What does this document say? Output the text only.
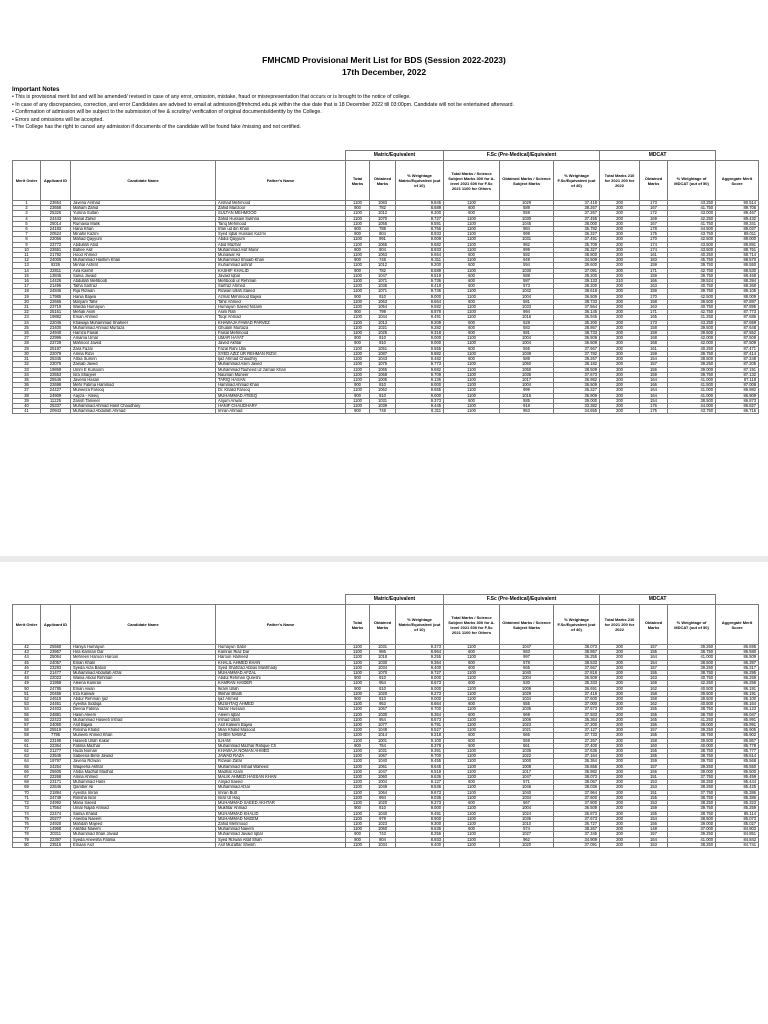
FMHCMD Provisional Merit List for BDS (Session 2022-2023)
17th December, 2022
Important Notes
• This is provisional merit list and will be amended/ revised in case of any error, omission, mistake, fraud or misrepresentation that occurs or is brought to the notice of college.
• In case of any discrepancies, correction, and error Candidates are advised to email at admission@fmhcmd.edu.pk within the due date that is 18 December 2022 till 03:00pm. Candidate will not be entertained afterward.
• Confirmation of admission will be subject to the submission of fee & scrutiny/ verification of original documents/identity by the College.
• Errors and omissions will be accepted.
• The College has the right to cancel any admission if documents of the candidate will be found fake /missing and not certified.
				Matric/Equivalent			F.Sc (Pre-Medical)/Equivalent			MDCAT			
Merit Order	Applicant ID	Candidate Name	Father's Name	Total Marks	Obtained Marks	% Weightage Matric/Equivalent (out of 10)	Total Marks / Science Subject Marks 300 for A-level 2021 600 for F.Sc 2021 1100 for Others	Obtained Marks / Science Subject Marks	% Weightage F.Sc/Equivalent (out of 40)	Total Marks 210 for 2021 200 for 2022	Obtained Marks	% Weightage of MDCAT (out of 50)	Aggregate Merit Score
1	23654	Javeria Arshad	Arshad Mehmood	1100	1083	9.845	1100	1029	37.418	200	173	43.250	90.514
2	23658	Maham Zahid	Zahid Manzoor	900	782	8.689	600	589	39.267	200	167	41.750	89.706
3	25326	Yumna Sultan	SULTAN MEHMOOD	1100	1012	9.200	600	559	37.267	200	172	43.000	89.467
4	24443	Manal Zahid	Zahid Hussain Sukhria	1100	1070	9.727	1100	1030	37.455	200	169	42.250	89.432
5	25014	Rumaisa Malik	Tariq Mehmood	1100	1055	9.591	1100	1045	38.000	200	167	41.750	89.341
6	24183	Hana Khan	Irfan ud din Khan	900	788	8.756	1100	984	35.782	200	178	44.500	89.037
7	20524	Minahil Kazmi	Syed Iqbal Hussain Kazmi	900	804	8.933	1100	999	36.327	200	175	43.750	89.011
8	22066	Mahad Qayyum	Abdul Qayyum	1100	991	9.009	1100	1031	37.491	200	170	42.500	89.000
9	23772	Abdullah Abid	Abid Mazhar	1100	1065	9.682	1100	982	35.709	200	174	43.500	88.891
10	22651	Bahee Asif	Muhammad Asif Munir	900	804	8.933	1100	999	36.327	200	174	43.500	88.761
11	21782	Hood Ahmed	Munawar Ali	1100	1063	9.664	600	582	38.800	200	161	40.250	88.714
12	24006	Muhammad Hashim Khan	Muhammad Shoaib Khan	900	748	8.311	1100	949	34.509	200	183	45.750	88.570
13	9226	Minhal Ashraf	muhammad ashraf	1100	1012	9.200	600	594	39.600	200	159	39.750	88.550
14	22811	Aira Kashif	KASHIF KHALID	900	782	8.689	1100	1030	37.091	200	171	42.750	88.530
15	13845	Sania Javaid	Javaid Iqbal	1100	1047	9.518	600	588	39.200	200	159	39.750	88.468
16	14426	Abdullah Mehboob	Mehboob ur Rehman	1100	1071	9.736	600	587	39.133	210	166	39.524	88.394
17	21495	Talha Sarfraz	Sarfraz Ahmed	1100	1036	9.418	600	573	38.200	200	163	40.750	88.368
18	24846	Rija Rizwan	Rizwan Ullah Saeed	1100	1071	9.736	1100	1042	38.618	200	159	39.750	88.105
19	17985	Hania Bajwa	Azmat Mehmood Bajwa	900	810	9.000	1100	1004	36.509	200	170	42.500	88.009
20	22665	Maryam Tahir	Tahir Ahmed	1100	1063	9.664	600	581	38.733	200	158	39.500	87.897
21	23719	Wardia Humayun	Humayun Saeed Nizami	1100	1054	9.582	1100	1033	37.564	200	163	40.750	87.895
22	25161	Mehak Asim	Asim Rafi	900	799	8.878	1100	994	36.145	200	171	42.750	87.773
23	19882	Eman Ahmed	Toqir Ahmad	1100	1044	9.491	1100	1016	36.945	200	165	41.250	87.686
24	22046	Khawaja Muhammad Shaheer	KHAWAJA FAWAD PARVEZ	1100	1013	9.209	600	528	35.200	200	173	43.250	87.659
25	23400	Muhammad Ahmad Murtaza	Ghulam Murtaza	1100	1021	9.282	600	583	38.867	200	158	39.500	87.648
26	24940	Hamza Faisal	Faisal Mehmood	1100	1025	9.318	600	581	38.733	200	158	39.500	87.552
27	22996	Amama Umar	UMAR HAYAT	900	810	9.000	1100	1004	36.509	200	168	42.000	87.509
28	23729	Mahnoor Javed	Javed Akhtar	900	810	9.000	1100	1004	36.509	200	168	42.000	87.509
29	25197	Zara Fazal	Fazal Rahi Ulla	1100	1051	9.555	600	565	37.667	200	161	40.250	87.471
30	22079	Amna Rizvi	SYED AZIZ UR REHMAN RIZVI	1100	1087	9.882	1100	1039	37.782	200	159	39.750	87.414
31	25345	Arbia Sumrin	Ijaz Ahmad Chaudhry	1100	1043	9.482	600	589	39.267	200	154	38.500	87.248
32	23076	Zainab Javed	Muhammad Asim Javed	1100	1075	9.773	1100	1050	38.182	200	157	39.250	87.205
33	19868	Umm E Kulsoom	Muhammad Tauheed uz zaman Khan	1100	1065	9.682	1100	1050	38.509	200	156	39.000	87.191
34	22553	Isra Sharjeel	Nauman Muneer	1100	1068	9.709	1100	1036	37.673	200	159	39.750	87.132
35	25546	Javeria Hasan	TARIQ HASAN	1100	1005	9.136	1100	1017	36.982	200	164	41.000	87.118
36	22698	Mehr Fatima Hammad	Hammad Ahmad Khan	900	810	9.000	1100	1004	36.509	200	166	41.500	87.009
37	24427	Muneeza Farooq	Dr. Khalid Farooq	1100	1062	9.655	1100	999	36.327	200	164	41.000	86.982
38	24909	Aayza - Ateeq	MUHAMMAD ATEEQ	900	810	9.000	1100	1015	36.909	200	164	41.000	86.909
39	11225	Zarish Tanveer	Anjum Anwar	1100	1031	9.373	600	585	39.000	200	154	38.500	86.873
40	25337	Muhammad Ahmad Hanif Chaudhary	HANIF CHAUDHARY	1100	1039	9.445	1100	918	33.382	200	176	44.000	86.827
41	20943	Muhammad Abdullah Ahmad	Imran Ahmad	900	748	8.311	1100	953	34.655	200	175	43.750	86.716
				Matric/Equivalent			F.Sc (Pre-Medical)/Equivalent			MDCAT			
Merit Order	Applicant ID	Candidate Name	Father's Name	Total Marks	Obtained Marks	% Weightage Matric/Equivalent (out of 10)	Total Marks / Science Subject Marks 300 for A-level 2021 600 for F.Sc 2021 1100 for Others	Obtained Marks / Science Subject Marks	% Weightage F.Sc/Equivalent (out of 40)	Total Marks 210 for 2021 200 for 2022	Obtained Marks	% Weightage of MDCAT (out of 50)	Aggregate Merit Score
42	25560	Haniya Humayun	Humayun Sabir	1100	1031	9.373	1100	1047	38.073	200	157	39.250	86.695
43	23957	Hira Kamran Dar	Kamran Riaz Dar	1100	986	8.964	600	583	38.867	200	155	38.750	86.580
44	25064	Mehreen Haroon Haroon	Haroon Hameed	1100	1018	9.255	1100	997	36.255	200	164	41.000	86.509
45	24057	Eman Khalil	KHALIL AHMED KHAN	1100	1030	9.364	600	578	38.533	200	154	38.500	86.397
46	23283	Syeda Aiza Batool	Syed Shahzad Abbas Mashhady	1100	1034	9.400	600	565	37.667	200	157	39.250	86.317
47	21477	Muhammad Abdullah Afzal	MUHAMMAD AFZAL	1100	1070	9.727	1100	1040	37.818	200	155	38.750	86.295
48	22023	Wania Abdul Rehman	Abdul Rehman Qureshi	900	810	9.000	1100	1004	36.509	200	163	40.750	86.259
49	21959	Aleena Kamran	KAMRAN HAIDER	1100	954	8.673	600	530	35.333	200	169	42.250	86.256
50	24785	Eman Awan	Ikram Ullah	900	810	9.000	1100	1009	36.691	200	162	40.500	86.191
51	20456	Irza Kanwal	Iftikhar Bhatti	1100	1020	9.273	1100	1029	37.418	200	158	39.500	86.191
52	24619	Abdur Rehman Ijaz	Ijaz Ahmed	900	810	9.000	1100	1034	37.600	200	158	39.500	86.100
53	24461	Ayesha Siddiqa	MUSHTAQ AHMED	1100	953	8.664	600	555	37.000	200	162	40.500	86.164
54	24403	Deena Fatima	Nazar Hussain	1100	1067	9.700	1100	1036	37.673	200	155	38.750	86.123
55	24881	Hasin Aleem	Aleem Iqbal	1100	1030	9.364	600	569	37.933	200	155	38.750	86.047
56	22423	Muhammad Haseeb Irshad	Irshad Ullah	1100	954	8.673	1100	1006	36.364	200	165	41.250	85.991
57	24050	Asif Bajwa	Asif Kaleem Bajwa	1100	1077	9.791	1100	1023	37.200	200	156	39.000	85.991
58	25519	Rimsha Khalid	Mian Khalid Masood	1100	1048	9.527	1100	1021	37.127	200	157	39.250	85.905
59	7795	Muneeb Ahmed Khan	SHIEH NAWAZ	1100	1014	9.218	600	566	37.733	200	155	38.750	85.902
60	23198	Haseeb Ullah Kakar	ILHAM	1100	1001	9.100	600	559	37.267	200	158	39.500	85.867
61	22364	Fatima Mazhar	Muhammad Mazhar Rafique Ch	900	754	8.378	600	561	37.400	200	160	40.000	85.778
62	21277	Huda Noman	KHAWAJA NOMAN AHMED	1100	1031	9.391	1100	1035	37.636	200	155	38.750	85.777
63	23545	Sabeena Binte Jawad	JAWAD RAZA	1100	1067	9.700	1100	1022	37.164	200	155	38.750	85.614
64	19797	Javeria Rizwan	Rizwan Zafar	1100	1040	9.455	1100	1000	36.364	200	159	39.750	85.568
65	24254	Waqeeha Akhtar	Muhammad Irshad Waheed	1100	1061	9.645	1100	1008	36.655	200	157	39.250	85.550
66	25605	Ahiba Madhat Madhat	Madhat Azam	1100	1047	9.518	1100	1017	36.982	200	156	39.000	85.500
67	22268	Amna Ahmed	MALIK AHMED HASSAN KHAN	1100	1060	9.636	1100	1047	38.073	200	151	37.750	85.459
68	23171	Muhammad Haris	Amjad Saeed	1100	1004	9.127	600	571	38.067	200	153	38.250	85.444
69	22646	Qamber Ali	Muhammad Afzal	1100	1049	9.536	1100	1046	38.036	200	153	38.250	85.425
70	21894	Ayesha Imran	Imran Butt	1100	1064	9.673	1100	1040	37.964	200	151	37.750	85.386
71	24749	Rimsha Israr	Israr Ul Haq	1100	994	9.036	1100	1034	37.600	200	155	38.750	85.386
72	24992	Maria Saeed	MUHAMMAD SAEED AKHTAR	1100	1020	9.273	600	567	37.800	200	153	38.250	85.323
73	17564	Umar Najab Ahmad	Mukhtar Ahmad	900	810	9.000	1100	1004	36.509	200	159	39.750	85.259
74	22474	Samia Khalid	MUHAMMAD KHALID	1100	1040	9.491	1100	1024	36.873	200	155	38.750	85.114
75	20277	Aneeba Naeem	MUHAMMAD NAEEM	1100	979	8.900	1100	1036	37.673	200	154	38.500	85.073
76	24920	Mahdah Majeed	Zahid Mehmood	1100	1023	9.300	1100	1010	36.727	200	156	39.000	85.027
77	14968	Alishba Naeem	Muhammad Naeem	1100	1060	9.636	600	574	38.267	200	148	37.000	84.903
78	20311	Muhammad Shan Javaid	Muhammad Javaid Iqbal	900	743	8.256	1100	1027	37.345	200	157	39.250	84.851
79	22397	Syeda Aneesha Fatima	Syed Rizwan Altaf Shah	900	804	8.933	1100	962	34.909	200	164	41.000	84.842
80	23516	Emaan Asif	Asif Muzaffar Sheikh	1100	1034	9.400	1100	1020	37.091	200	153	38.250	84.741
